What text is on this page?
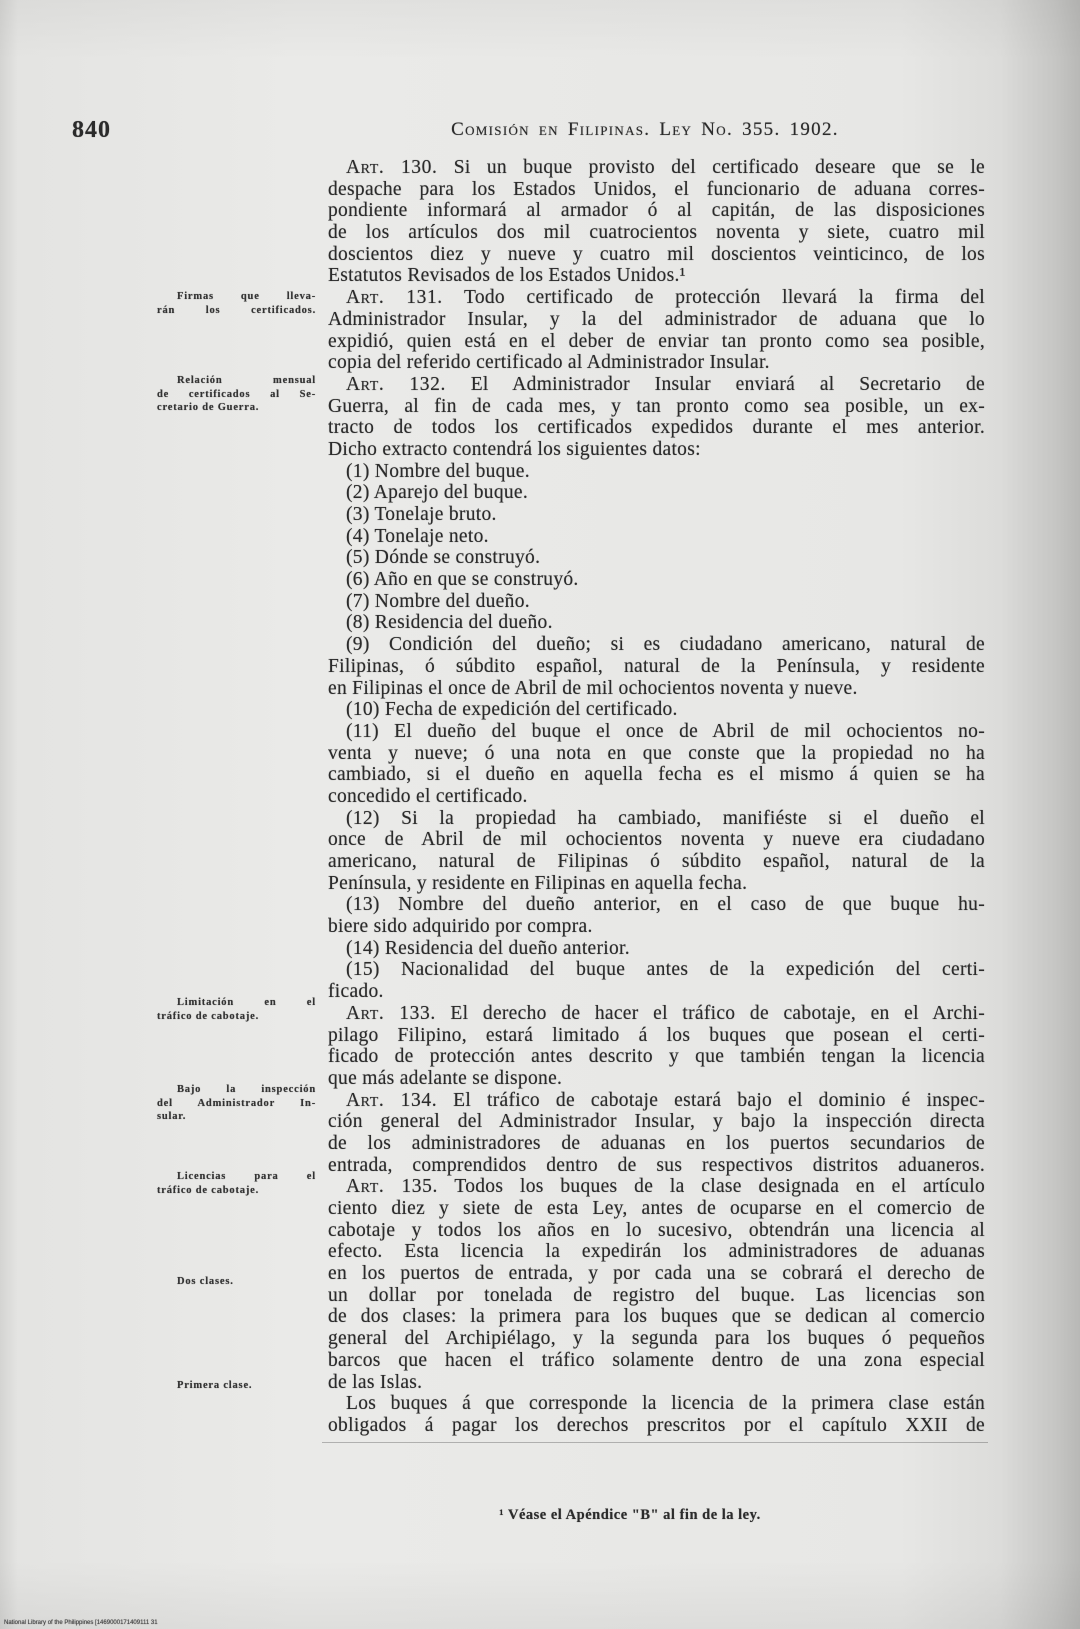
840	Comisión en Filipinas. Ley No. 355. 1902.
Firmas que lleva-
rán los certificados.
Relación mensual
de certificados al Se-
cretario de Guerra.
Limitación en el
tráfico de cabotaje.
Bajo la inspección
del Administrador In-
sular.
Licencias para el
tráfico de cabotaje.
Dos clases.
Primera clase.
Art. 130. Si un buque provisto del certificado deseare que se le
despache para los Estados Unidos, el funcionario de aduana corres-
pondiente informará al armador ó al capitán, de las disposiciones
de los artículos dos mil cuatrocientos noventa y siete, cuatro mil
doscientos diez y nueve y cuatro mil doscientos veinticinco, de los
Estatutos Revisados de los Estados Unidos.¹
Art. 131. Todo certificado de protección llevará la firma del
Administrador Insular, y la del administrador de aduana que lo
expidió, quien está en el deber de enviar tan pronto como sea posible,
copia del referido certificado al Administrador Insular.
Art. 132. El Administrador Insular enviará al Secretario de
Guerra, al fin de cada mes, y tan pronto como sea posible, un ex-
tracto de todos los certificados expedidos durante el mes anterior.
Dicho extracto contendrá los siguientes datos:
(1) Nombre del buque.
(2) Aparejo del buque.
(3) Tonelaje bruto.
(4) Tonelaje neto.
(5) Dónde se construyó.
(6) Año en que se construyó.
(7) Nombre del dueño.
(8) Residencia del dueño.
(9) Condición del dueño; si es ciudadano americano, natural de
Filipinas, ó súbdito español, natural de la Península, y residente
en Filipinas el once de Abril de mil ochocientos noventa y nueve.
(10) Fecha de expedición del certificado.
(11) El dueño del buque el once de Abril de mil ochocientos no-
venta y nueve; ó una nota en que conste que la propiedad no ha
cambiado, si el dueño en aquella fecha es el mismo á quien se ha
concedido el certificado.
(12) Si la propiedad ha cambiado, manifiéste si el dueño el
once de Abril de mil ochocientos noventa y nueve era ciudadano
americano, natural de Filipinas ó súbdito español, natural de la
Península, y residente en Filipinas en aquella fecha.
(13) Nombre del dueño anterior, en el caso de que buque hu-
biere sido adquirido por compra.
(14) Residencia del dueño anterior.
(15) Nacionalidad del buque antes de la expedición del certi-
ficado.
Art. 133. El derecho de hacer el tráfico de cabotaje, en el Archi-
pilago Filipino, estará limitado á los buques que posean el certi-
ficado de protección antes descrito y que también tengan la licencia
que más adelante se dispone.
Art. 134. El tráfico de cabotaje estará bajo el dominio é inspec-
ción general del Administrador Insular, y bajo la inspección directa
de los administradores de aduanas en los puertos secundarios de
entrada, comprendidos dentro de sus respectivos distritos aduaneros.
Art. 135. Todos los buques de la clase designada en el artículo
ciento diez y siete de esta Ley, antes de ocuparse en el comercio de
cabotaje y todos los años en lo sucesivo, obtendrán una licencia al
efecto. Esta licencia la expedirán los administradores de aduanas
en los puertos de entrada, y por cada una se cobrará el derecho de
un dollar por tonelada de registro del buque. Las licencias son
de dos clases: la primera para los buques que se dedican al comercio
general del Archipiélago, y la segunda para los buques ó pequeños
barcos que hacen el tráfico solamente dentro de una zona especial
de las Islas.
Los buques á que corresponde la licencia de la primera clase están
obligados á pagar los derechos prescritos por el capítulo XXII de
¹ Véase el Apéndice "B" al fin de la ley.
National Library of the Philippines [1469000171409111 31
